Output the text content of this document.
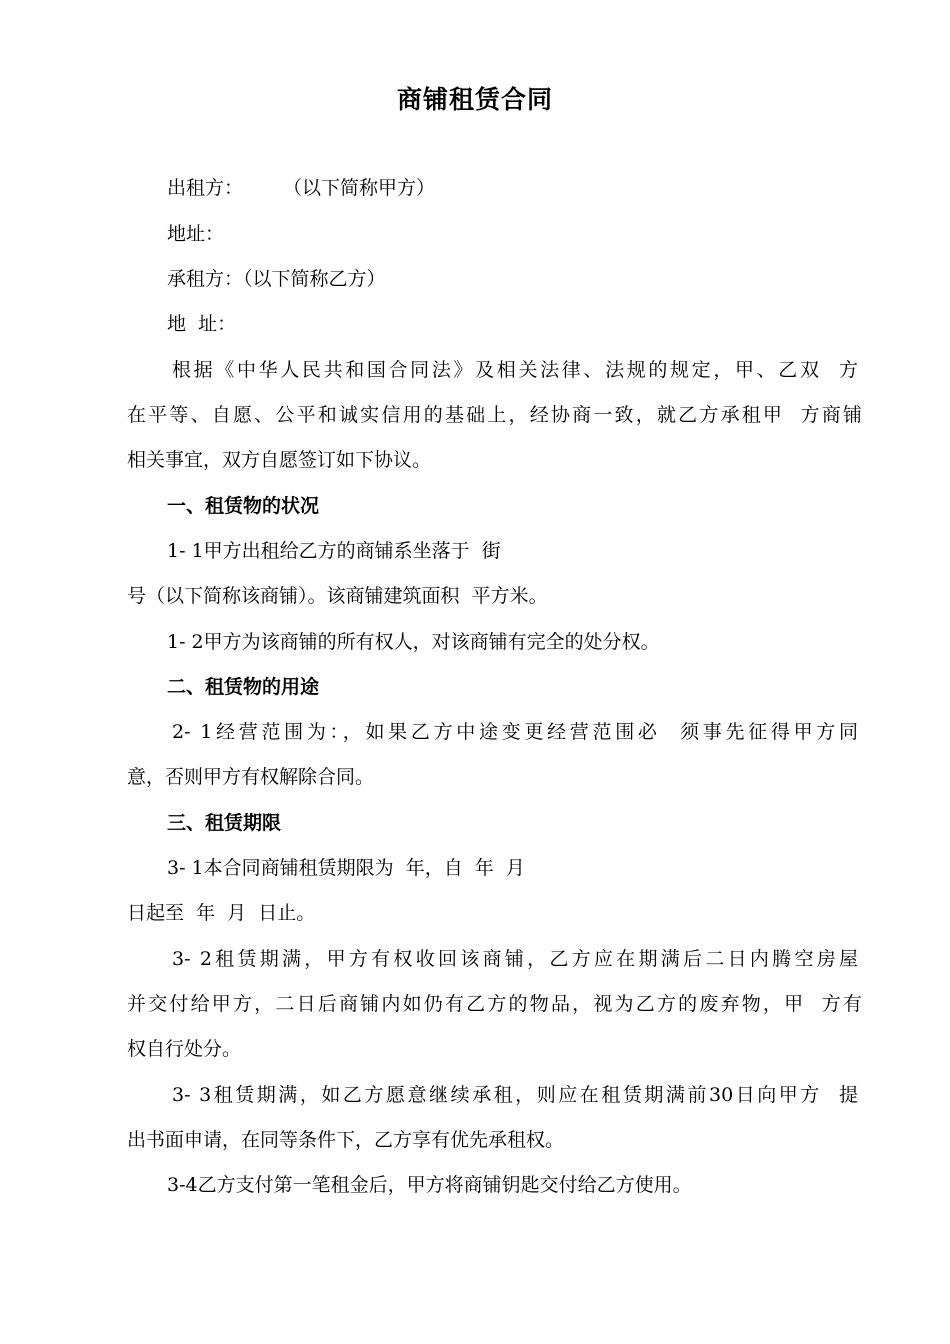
商铺租赁合同
出租方： （以下简称甲方）
地址：
承租方：（以下简称乙方）
地  址：
根据《中华人民共和国合同法》及相关法律、法规的规定，甲、乙双  方
在平等、自愿、公平和诚实信用的基础上，经协商一致，就乙方承租甲  方商铺
相关事宜，双方自愿签订如下协议。
一、租赁物的状况
1- 1甲方出租给乙方的商铺系坐落于  街
号（以下简称该商铺）。该商铺建筑面积  平方米。
1- 2甲方为该商铺的所有权人，对该商铺有完全的处分权。
二、租赁物的用途
2- 1经营范围为：，如果乙方中途变更经营范围必  须事先征得甲方同
意，否则甲方有权解除合同。
三、租赁期限
3- 1本合同商铺租赁期限为  年，自  年  月
日起至  年  月  日止。
3- 2租赁期满，甲方有权收回该商铺，乙方应在期满后二日内腾空房屋
并交付给甲方，二日后商铺内如仍有乙方的物品，视为乙方的废弃物，甲  方有
权自行处分。
3- 3租赁期满，如乙方愿意继续承租，则应在租赁期满前30日向甲方  提
出书面申请，在同等条件下，乙方享有优先承租权。
3-4乙方支付第一笔租金后，甲方将商铺钥匙交付给乙方使用。
